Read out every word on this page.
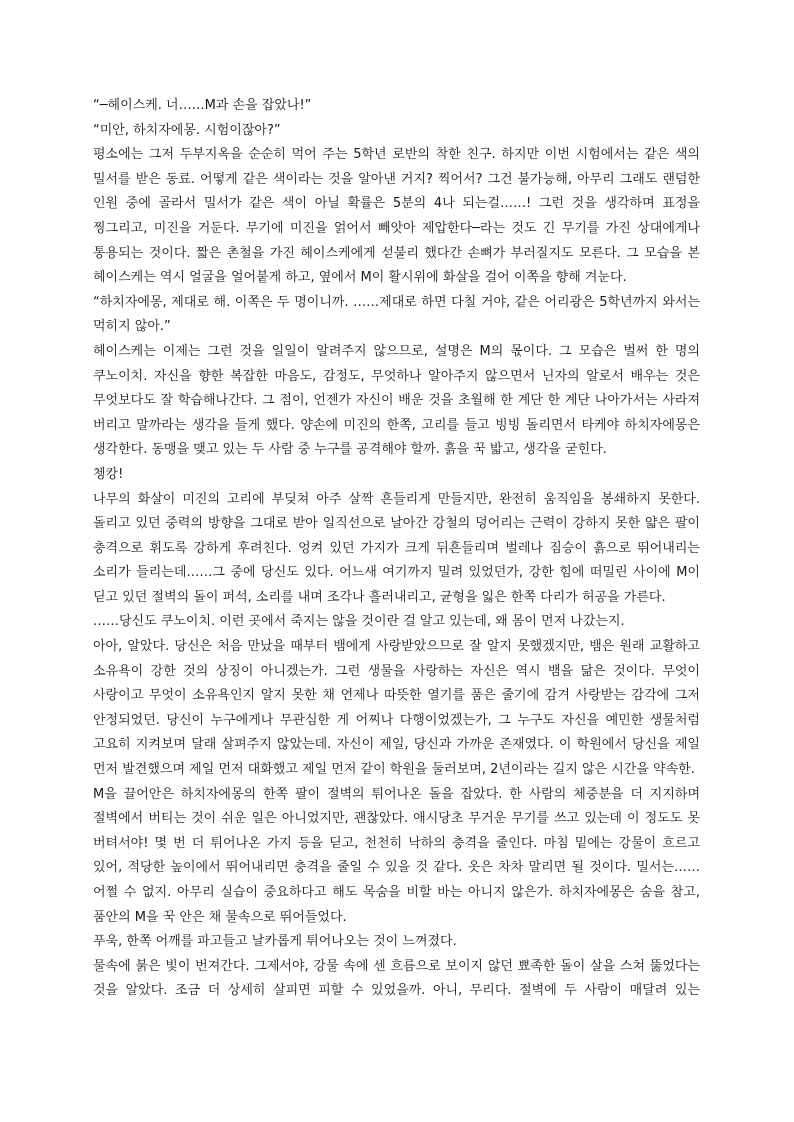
“─헤이스케. 너……M과 손을 잡았나!”

“미안, 하치자에몽. 시험이잖아?”

평소에는 그저 두부지옥을 순순히 먹어 주는 5학년 로반의 착한 친구. 하지만 이번 시험에서는 같은 색의 밀서를 받은 동료. 어떻게 같은 색이라는 것을 알아낸 거지? 찍어서? 그건 불가능해, 아무리 그래도 랜덤한 인원 중에 골라서 밀서가 같은 색이 아닐 확률은 5분의 4나 되는걸……! 그런 것을 생각하며 표정을 찡그리고, 미진을 거둔다. 무기에 미진을 얽어서 빼앗아 제압한다─라는 것도 긴 무기를 가진 상대에게나 통용되는 것이다. 짧은 촌철을 가진 헤이스케에게 섣불리 했다간 손뼈가 부러질지도 모른다. 그 모습을 본 헤이스케는 역시 얼굴을 얼어붙게 하고, 옆에서 M이 활시위에 화살을 걸어 이쪽을 향해 겨눈다.

“하치자에몽, 제대로 해. 이쪽은 두 명이니까. ……제대로 하면 다칠 거야, 같은 어리광은 5학년까지 와서는 먹히지 않아.”

헤이스케는 이제는 그런 것을 일일이 알려주지 않으므로, 설명은 M의 몫이다. 그 모습은 벌써 한 명의 쿠노이치. 자신을 향한 복잡한 마음도, 감정도, 무엇하나 알아주지 않으면서 닌자의 알로서 배우는 것은 무엇보다도 잘 학습해나간다. 그 점이, 언젠가 자신이 배운 것을 초월해 한 계단 한 계단 나아가서는 사라져 버리고 말까라는 생각을 들게 했다. 양손에 미진의 한쪽, 고리를 들고 빙빙 돌리면서 타케야 하치자에몽은 생각한다. 동맹을 맺고 있는 두 사람 중 누구를 공격해야 할까. 흙을 꾹 밟고, 생각을 굳힌다.

쳉캉!

나무의 화살이 미진의 고리에 부딪쳐 아주 살짝 흔들리게 만들지만, 완전히 움직임을 봉쇄하지 못한다. 돌리고 있던 중력의 방향을 그대로 받아 일직선으로 날아간 강철의 덩어리는 근력이 강하지 못한 얇은 팔이 충격으로 휘도록 강하게 후려친다. 엉켜 있던 가지가 크게 뒤흔들리며 벌레나 짐승이 흙으로 뛰어내리는 소리가 들리는데……그 중에 당신도 있다. 어느새 여기까지 밀려 있었던가, 강한 힘에 떠밀린 사이에 M이 딛고 있던 절벽의 돌이 퍼석, 소리를 내며 조각나 흘러내리고, 균형을 잃은 한쪽 다리가 허공을 가른다.

……당신도 쿠노이치. 이런 곳에서 죽지는 않을 것이란 걸 알고 있는데, 왜 몸이 먼저 나갔는지.

아아, 알았다. 당신은 처음 만났을 때부터 뱀에게 사랑받았으므로 잘 알지 못했겠지만, 뱀은 원래 교활하고 소유욕이 강한 것의 상징이 아니겠는가. 그런 생물을 사랑하는 자신은 역시 뱀을 닮은 것이다. 무엇이 사랑이고 무엇이 소유욕인지 알지 못한 채 언제나 따뜻한 열기를 품은 줄기에 감겨 사랑받는 감각에 그저 안정되었던. 당신이 누구에게나 무관심한 게 어찌나 다행이었겠는가, 그 누구도 자신을 예민한 생물처럼 고요히 지켜보며 달래 살펴주지 않았는데. 자신이 제일, 당신과 가까운 존재였다. 이 학원에서 당신을 제일 먼저 발견했으며 제일 먼저 대화했고 제일 먼저 같이 학원을 둘러보며, 2년이라는 길지 않은 시간을 약속한.

M을 끌어안은 하치자에몽의 한쪽 팔이 절벽의 튀어나온 돌을 잡았다. 한 사람의 체중분을 더 지지하며 절벽에서 버티는 것이 쉬운 일은 아니었지만, 괜찮았다. 애시당초 무거운 무기를 쓰고 있는데 이 정도도 못 버텨서야! 몇 번 더 튀어나온 가지 등을 딛고, 천천히 낙하의 충격을 줄인다. 마침 밑에는 강물이 흐르고 있어, 적당한 높이에서 뛰어내리면 충격을 줄일 수 있을 것 같다. 옷은 차차 말리면 될 것이다. 밀서는…… 어쩔 수 없지. 아무리 실습이 중요하다고 해도 목숨을 비할 바는 아니지 않은가. 하치자에몽은 숨을 참고, 품안의 M을 꾹 안은 채 물속으로 뛰어들었다.

푸욱, 한쪽 어깨를 파고들고 날카롭게 튀어나오는 것이 느껴졌다.

물속에 붉은 빛이 번져간다. 그제서야, 강물 속에 센 흐름으로 보이지 않던 뾰족한 돌이 살을 스쳐 뚫었다는 것을 알았다. 조금 더 상세히 살피면 피할 수 있었을까. 아니, 무리다. 절벽에 두 사람이 매달려 있는
